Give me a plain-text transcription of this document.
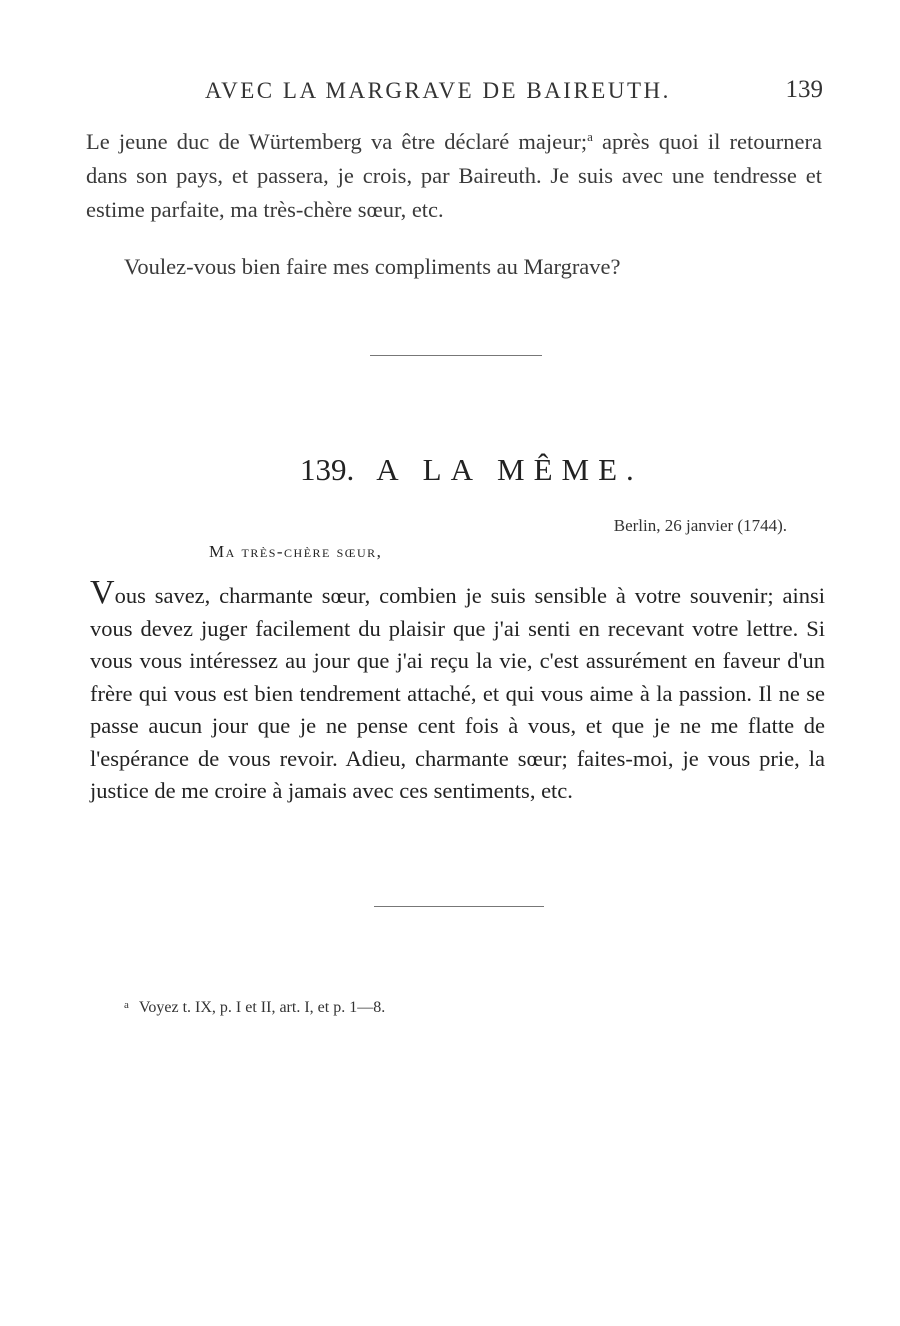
AVEC LA MARGRAVE DE BAIREUTH.	139
Le jeune duc de Würtemberg va être déclaré majeur;$^a$ après quoi il retournera dans son pays, et passera, je crois, par Baireuth. Je suis avec une tendresse et estime parfaite, ma très-chère sœur, etc.
Voulez-vous bien faire mes compliments au Margrave?
139. A LA MÊME.
Berlin, 26 janvier (1744).
Ma très-chère sœur,
Vous savez, charmante sœur, combien je suis sensible à votre souvenir; ainsi vous devez juger facilement du plaisir que j'ai senti en recevant votre lettre. Si vous vous intéressez au jour que j'ai reçu la vie, c'est assurément en faveur d'un frère qui vous est bien tendrement attaché, et qui vous aime à la passion. Il ne se passe aucun jour que je ne pense cent fois à vous, et que je ne me flatte de l'espérance de vous revoir. Adieu, charmante sœur; faites-moi, je vous prie, la justice de me croire à jamais avec ces sentiments, etc.
$^a$ Voyez t. IX, p. I et II, art. I, et p. 1—8.
